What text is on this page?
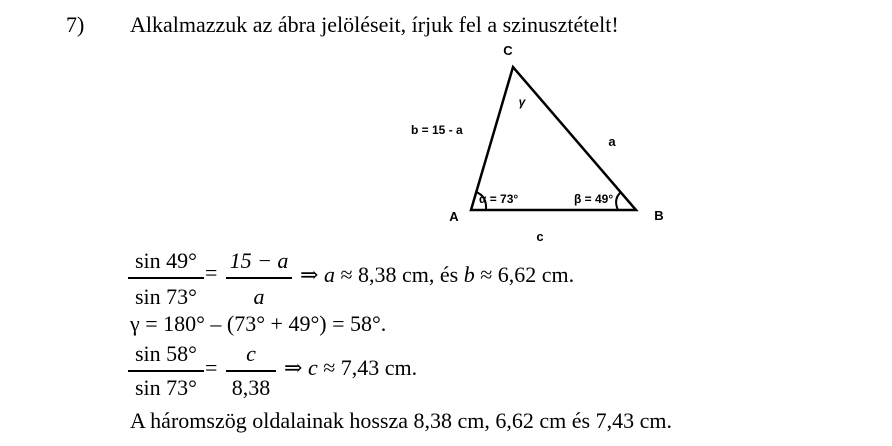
7) Alkalmazzuk az ábra jelöléseit, írjuk fel a szinusztételt!
C
A	B
γ
b = 15 - a
a
c
α = 73°	β = 49°
sin 49°
sin 73°
= 15 − a
a
⇒ a ≈ 8,38 cm, és b ≈ 6,62 cm.
γ = 180° – (73° + 49°) = 58°.
sin 58°
sin 73°
=
c
8,38
⇒ c ≈ 7,43 cm.
A háromszög oldalainak hossza 8,38 cm, 6,62 cm és 7,43 cm.
